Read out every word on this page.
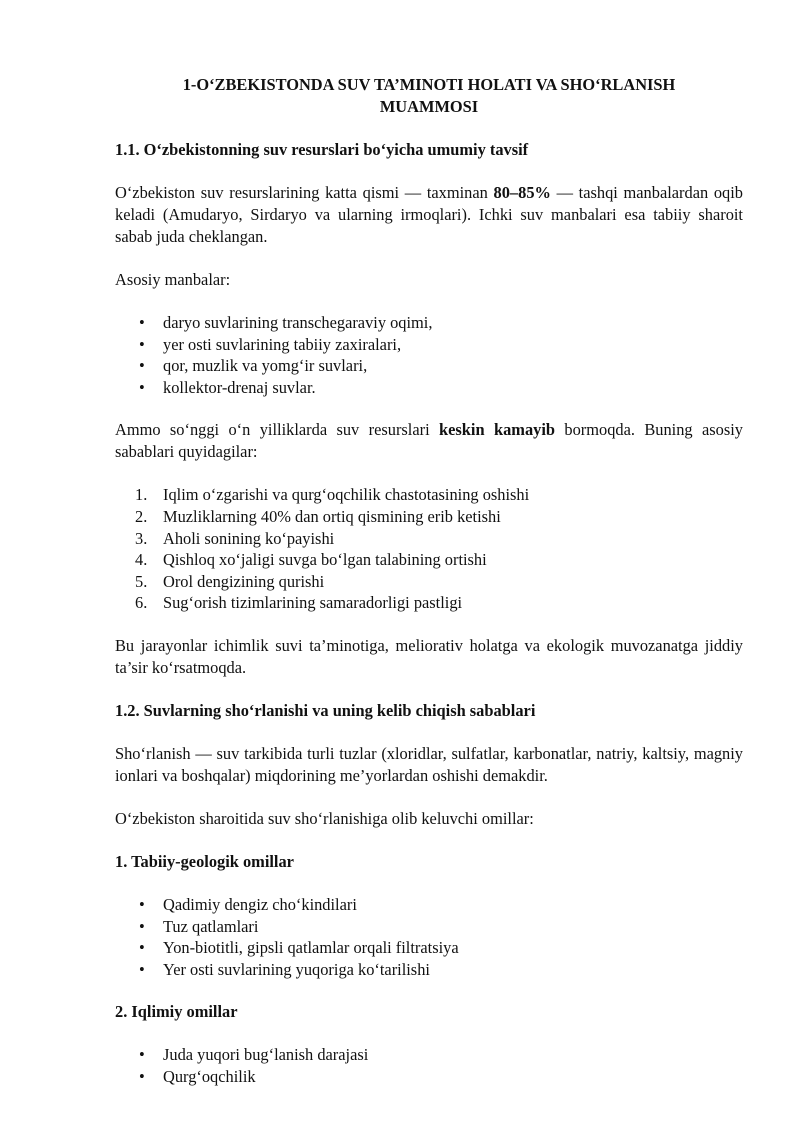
1-O‘ZBEKISTONDA SUV TA’MINOTI HOLATI VA SHO‘RLANISH MUAMMOSI

1.1. O‘zbekistonning suv resurslari bo‘yicha umumiy tavsif

O‘zbekiston suv resurslarining katta qismi — taxminan 80–85% — tashqi manbalardan oqib keladi (Amudaryo, Sirdaryo va ularning irmoqlari). Ichki suv manbalari esa tabiiy sharoit sabab juda cheklangan.

Asosiy manbalar:

• daryo suvlarining transchegaraviy oqimi,
• yer osti suvlarining tabiiy zaxiralari,
• qor, muzlik va yomg‘ir suvlari,
• kollektor-drenaj suvlar.

Ammo so‘nggi o‘n yilliklarda suv resurslari keskin kamayib bormoqda. Buning asosiy sabablari quyidagilar:

1. Iqlim o‘zgarishi va qurg‘oqchilik chastotasining oshishi
2. Muzliklarning 40% dan ortiq qismining erib ketishi
3. Aholi sonining ko‘payishi
4. Qishloq xo‘jaligi suvga bo‘lgan talabining ortishi
5. Orol dengizining qurishi
6. Sug‘orish tizimlarining samaradorligi pastligi

Bu jarayonlar ichimlik suvi ta’minotiga, meliorativ holatga va ekologik muvozanatga jiddiy ta’sir ko‘rsatmoqda.

1.2. Suvlarning sho‘rlanishi va uning kelib chiqish sabablari

Sho‘rlanish — suv tarkibida turli tuzlar (xloridlar, sulfatlar, karbonatlar, natriy, kaltsiy, magniy ionlari va boshqalar) miqdorining me’yorlardan oshishi demakdir.

O‘zbekiston sharoitida suv sho‘rlanishiga olib keluvchi omillar:

1. Tabiiy-geologik omillar

• Qadimiy dengiz cho‘kindilari
• Tuz qatlamlari
• Yon-biotitli, gipsli qatlamlar orqali filtratsiya
• Yer osti suvlarining yuqoriga ko‘tarilishi

2. Iqlimiy omillar

• Juda yuqori bug‘lanish darajasi
• Qurg‘oqchilik
